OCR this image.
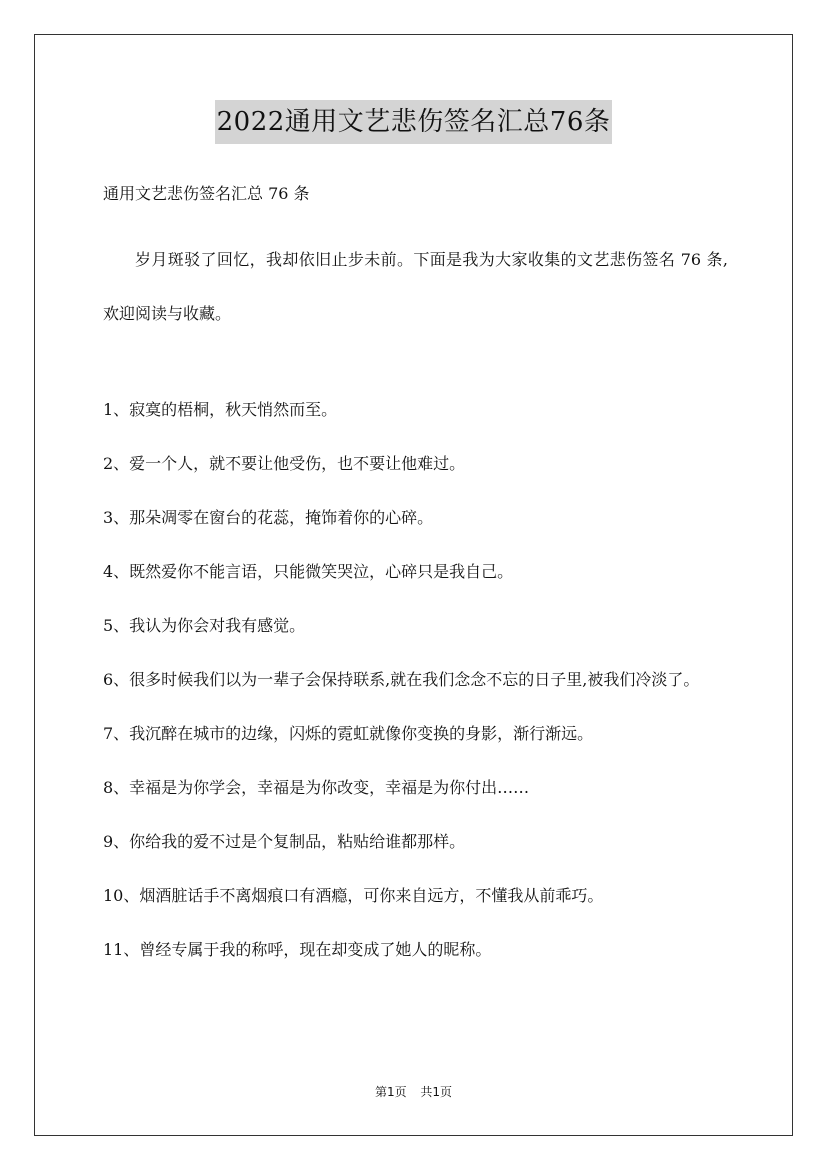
2022通用文艺悲伤签名汇总76条
通用文艺悲伤签名汇总 76 条

岁月斑驳了回忆，我却依旧止步未前。下面是我为大家收集的文艺悲伤签名 76 条,欢迎阅读与收藏。

1、寂寞的梧桐，秋天悄然而至。
2、爱一个人，就不要让他受伤，也不要让他难过。
3、那朵凋零在窗台的花蕊，掩饰着你的心碎。
4、既然爱你不能言语，只能微笑哭泣，心碎只是我自己。
5、我认为你会对我有感觉。
6、很多时候我们以为一辈子会保持联系,就在我们念念不忘的日子里,被我们冷淡了。
7、我沉醉在城市的边缘，闪烁的霓虹就像你变换的身影，渐行渐远。
8、幸福是为你学会，幸福是为你改变，幸福是为你付出……
9、你给我的爱不过是个复制品，粘贴给谁都那样。
10、烟酒脏话手不离烟痕口有酒瘾，可你来自远方，不懂我从前乖巧。
11、曾经专属于我的称呼，现在却变成了她人的昵称。
第1页 共1页
